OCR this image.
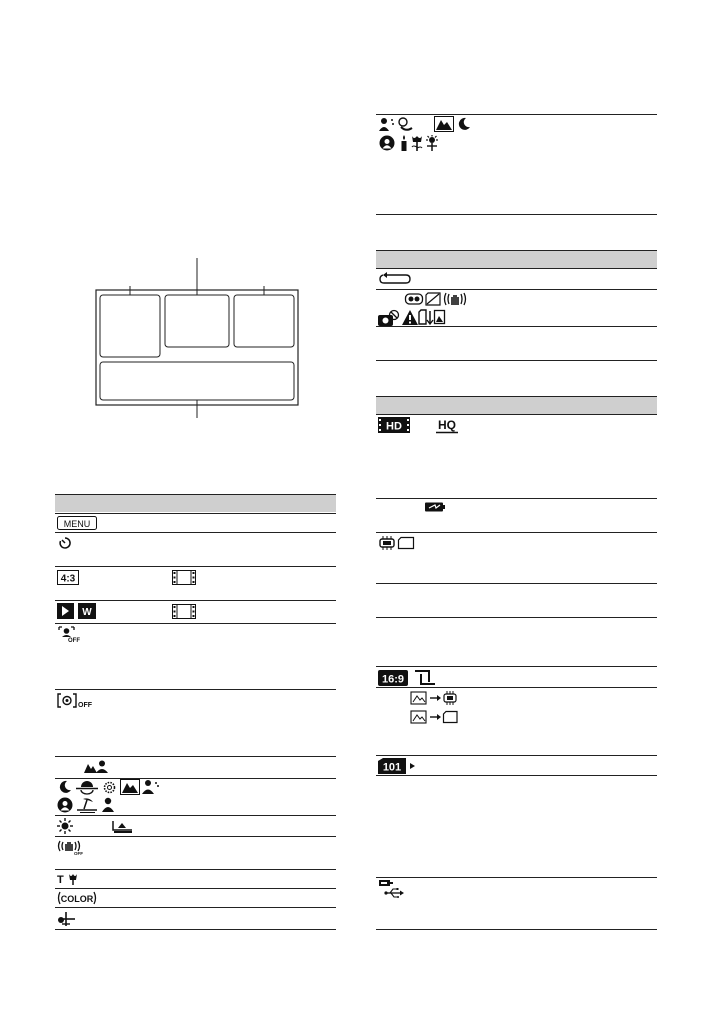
MENU
4:3
W
OFF
OFF
OFF
T
COLOR
HD	HQ
16:9
101
